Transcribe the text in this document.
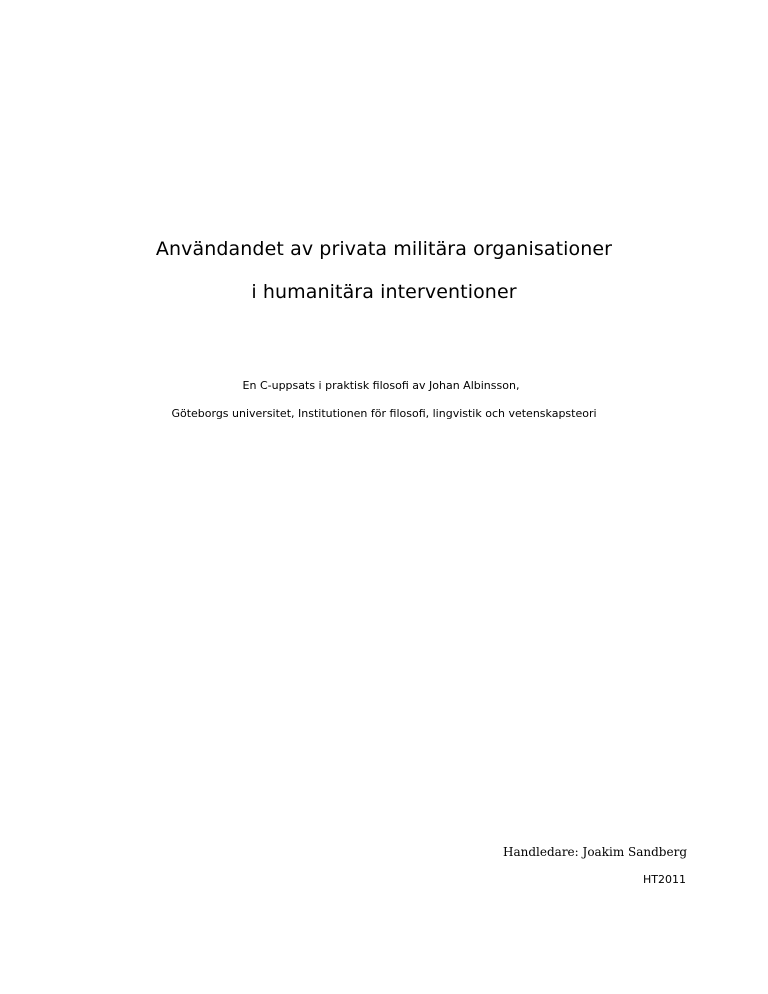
Användandet av privata militära organisationer
i humanitära interventioner
En C-uppsats i praktisk filosofi av Johan Albinsson,
Göteborgs universitet, Institutionen för filosofi, lingvistik och vetenskapsteori
Handledare: Joakim Sandberg
HT2011
